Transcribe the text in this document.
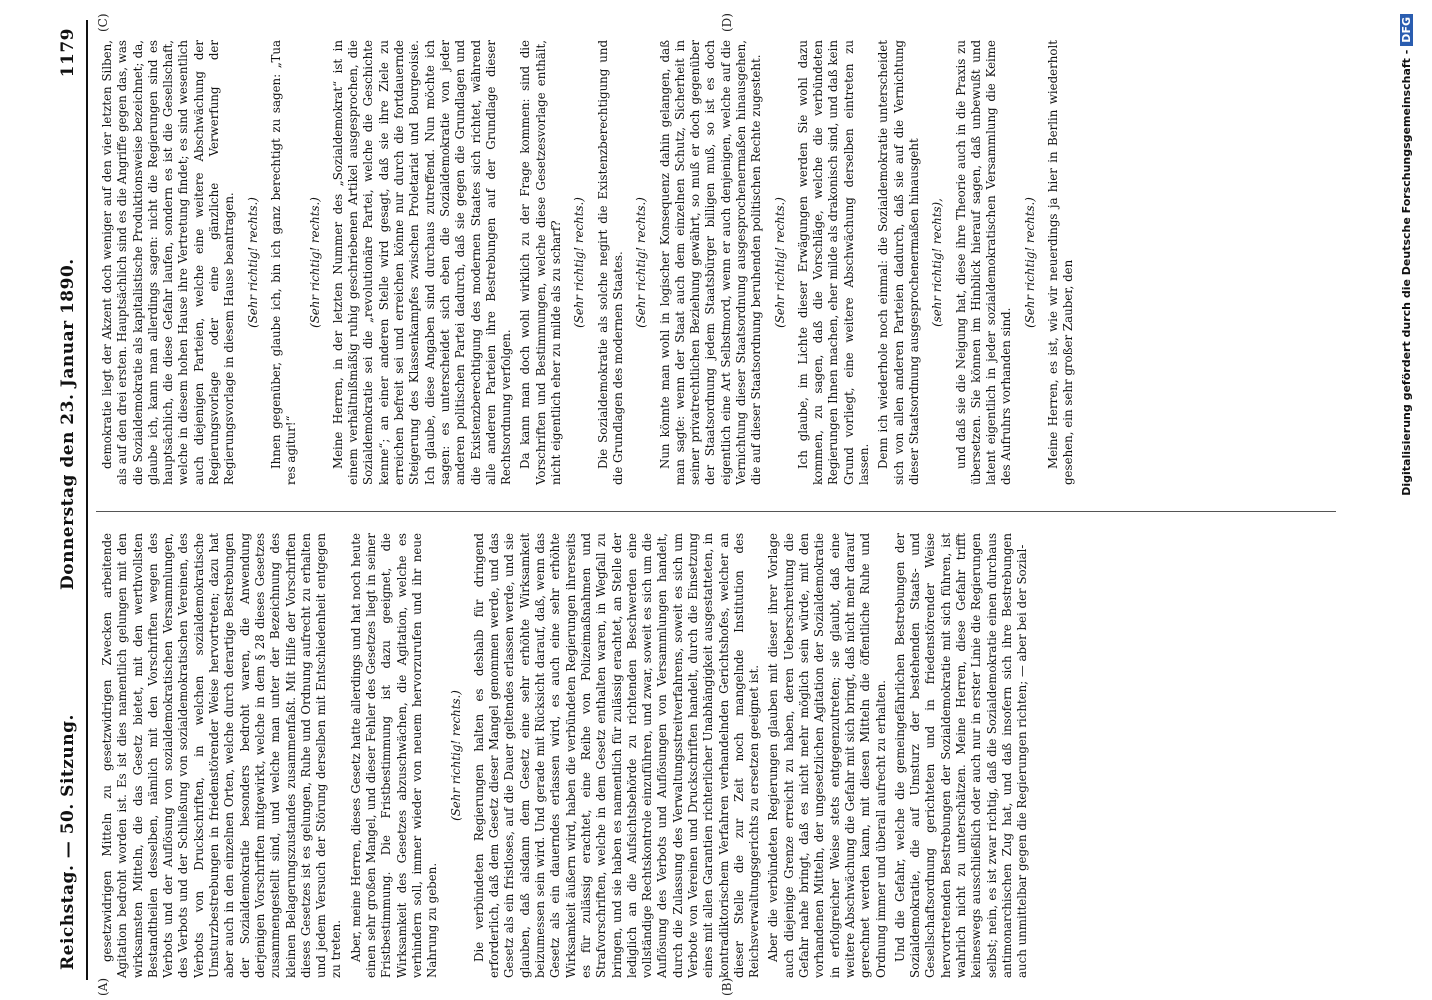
Reichstag. — 50. Sitzung.
Donnerstag den 23. Januar 1890.
1179
(A)	(B)
(C)	(D)

gesetzwidrigen Mitteln zu gesetzwidrigen Zwecken arbeitende Agitation bedroht worden ist. Es ist dies namentlich gelungen mit den wirksamsten Mitteln, die das Gesetz bietet, mit den werthvollsten Bestandtheilen desselben, nämlich mit den Vorschriften wegen des Verbots und der Auflösung von sozialdemokratischen Versammlungen, des Verbots und der Schließung von sozialdemokratischen Vereinen, des Verbots von Druckschriften, in welchen sozialdemokratische Umsturzbestrebungen in friedenstörender Weise hervortreten; dazu hat aber auch in den einzelnen Orten, welche durch derartige Bestrebungen der Sozialdemokratie besonders bedroht waren, die Anwendung derjenigen Vorschriften mitgewirkt, welche in dem § 28 dieses Gesetzes zusammengestellt sind, und welche man unter der Bezeichnung des kleinen Belagerungszustandes zusammenfaßt. Mit Hilfe der Vorschriften dieses Gesetzes ist es gelungen, Ruhe und Ordnung aufrecht zu erhalten und jedem Versuch der Störung derselben mit Entschiedenheit entgegen zu treten. Aber, meine Herren, dieses Gesetz hatte allerdings und hat noch heute einen sehr großen Mangel, und dieser Fehler des Gesetzes liegt in seiner Fristbestimmung. Die Fristbestimmung ist dazu geeignet, die Wirksamkeit des Gesetzes abzuschwächen, die Agitation, welche es verhindern soll, immer wieder von neuem hervorzurufen und ihr neue Nahrung zu geben.

(Sehr richtig! rechts.) Die verbündeten Regierungen halten es deshalb für dringend erforderlich, daß dem Gesetz dieser Mangel genommen werde, und das Gesetz als ein fristloses, auf die Dauer geltendes erlassen werde, und sie glauben, daß alsdann dem Gesetz eine sehr erhöhte Wirksamkeit beizumessen sein wird. Und gerade mit Rücksicht darauf, daß, wenn das Gesetz als ein dauerndes erlassen wird, es auch eine sehr erhöhte Wirksamkeit äußern wird, haben die verbündeten Regierungen ihrerseits es für zulässig erachtet, eine Reihe von Polizeimaßnahmen und Strafvorschriften, welche in dem Gesetz enthalten waren, in Wegfall zu bringen, und sie haben es namentlich für zulässig erachtet, an Stelle der lediglich an die Aufsichtsbehörde zu richtenden Beschwerden eine vollständige Rechtskontrole einzuführen, und zwar, soweit es sich um die Auflösung des Verbots und Auflösungen von Versammlungen handelt, durch die Zulassung des Verwaltungsstreitverfahrens, soweit es sich um Verbote von Vereinen und Druckschriften handelt, durch die Einsetzung eines mit allen Garantien richterlicher Unabhängigkeit ausgestatteten, in kontradiktorischem Verfahren verhandelnden Gerichtshofes, welcher an dieser Stelle die zur Zeit noch mangelnde Institution des Reichsverwaltungsgerichts zu ersetzen geeignet ist. Aber die verbündeten Regierungen glauben mit dieser ihrer Vorlage auch diejenige Grenze erreicht zu haben, deren Ueberschreitung die Gefahr nahe bringt, daß es nicht mehr möglich sein würde, mit den vorhandenen Mitteln, der ungesetzlichen Agitation der Sozialdemokratie in erfolgreicher Weise stets entgegenzutreten; sie glaubt, daß eine weitere Abschwächung die Gefahr mit sich bringt, daß nicht mehr darauf gerechnet werden kann, mit diesen Mitteln die öffentliche Ruhe und Ordnung immer und überall aufrecht zu erhalten. Und die Gefahr, welche die gemeingefährlichen Bestrebungen der Sozialdemokratie, die auf Umsturz der bestehenden Staats- und Gesellschaftsordnung gerichteten und in friedenstörender Weise hervortretenden Bestrebungen der Sozialdemokratie mit sich führen, ist wahrlich nicht zu unterschätzen. Meine Herren, diese Gefahr trifft keineswegs ausschließlich oder auch nur in erster Linie die Regierungen selbst; nein, es ist zwar richtig, daß die Sozialdemokratie einen durchaus antimonarchischen Zug hat, und daß insofern sich ihre Bestrebungen auch unmittelbar gegen die Regierungen richten; — aber bei der Sozial-

demokratie liegt der Akzent doch weniger auf den vier letzten Silben, als auf den drei ersten. Hauptsächlich sind es die Angriffe gegen das, was die Sozialdemokratie als kapitalistische Produktionsweise bezeichnet; da, glaube ich, kann man allerdings sagen: nicht die Regierungen sind es hauptsächlich, die diese Gefahr laufen, sondern es ist die Gesellschaft, welche in diesem hohen Hause ihre Vertretung findet; es sind wesentlich auch diejenigen Parteien, welche eine weitere Abschwächung der Regierungsvorlage oder eine gänzliche Verwerfung der Regierungsvorlage in diesem Hause beantragen. (Sehr richtig! rechts.) Ihnen gegenüber, glaube ich, bin ich ganz berechtigt zu sagen: „Tua res agitur!“

(Sehr richtig! rechts.) Meine Herren, in der letzten Nummer des „Sozialdemokrat“ ist in einem verhältnißmäßig ruhig geschriebenen Artikel ausgesprochen, die Sozialdemokratie sei die „revolutionäre Partei, welche die Geschichte kenne“; an einer anderen Stelle wird gesagt, daß sie ihre Ziele zu erreichen befreit sei und erreichen könne nur durch die fortdauernde Steigerung des Klassenkampfes zwischen Proletariat und Bourgeoisie. Ich glaube, diese Angaben sind durchaus zutreffend. Nun möchte ich sagen: es unterscheidet sich eben die Sozialdemokratie von jeder anderen politischen Partei dadurch, daß sie gegen die Grundlagen und die Existenzberechtigung des modernen Staates sich richtet, während alle anderen Parteien ihre Bestrebungen auf der Grundlage dieser Rechtsordnung verfolgen. Da kann man doch wohl wirklich zu der Frage kommen: sind die Vorschriften und Bestimmungen, welche diese Gesetzesvorlage enthält, nicht eigentlich eher zu milde als zu scharf? (Sehr richtig! rechts.) Die Sozialdemokratie als solche negirt die Existenzberechtigung und die Grundlagen des modernen Staates. (Sehr richtig! rechts.) Nun könnte man wohl in logischer Konsequenz dahin gelangen, daß man sagte: wenn der Staat auch dem einzelnen Schutz, Sicherheit in seiner privatrechtlichen Beziehung gewährt, so muß er doch gegenüber der Staatsordnung jedem Staatsbürger billigen muß, so ist es doch eigentlich eine Art Selbstmord, wenn er auch denjenigen, welche auf die Vernichtung dieser Staatsordnung ausgesprochenermaßen hinausgehen, die auf dieser Staatsordnung beruhenden politischen Rechte zugesteht. (Sehr richtig! rechts.) Ich glaube, im Lichte dieser Erwägungen werden Sie wohl dazu kommen, zu sagen, daß die Vorschläge, welche die verbündeten Regierungen Ihnen machen, eher milde als drakonisch sind, und daß kein Grund vorliegt, eine weitere Abschwächung derselben eintreten zu lassen. Denn ich wiederhole noch einmal: die Sozialdemokratie unterscheidet sich von allen anderen Parteien dadurch, daß sie auf die Vernichtung dieser Staatsordnung ausgesprochenermaßen hinausgeht (sehr richtig! rechts), und daß sie die Neigung hat, diese ihre Theorie auch in die Praxis zu übersetzen. Sie können im Hinblick hierauf sagen, daß unbewußt und latent eigentlich in jeder sozialdemokratischen Versammlung die Keime des Aufruhrs vorhanden sind.

(Sehr richtig! rechts.) Meine Herren, es ist, wie wir neuerdings ja hier in Berlin wiederholt gesehen, ein sehr großer Zauber, den	Digitalisierung gefördert durch die Deutsche Forschungsgemeinschaft -DFG
